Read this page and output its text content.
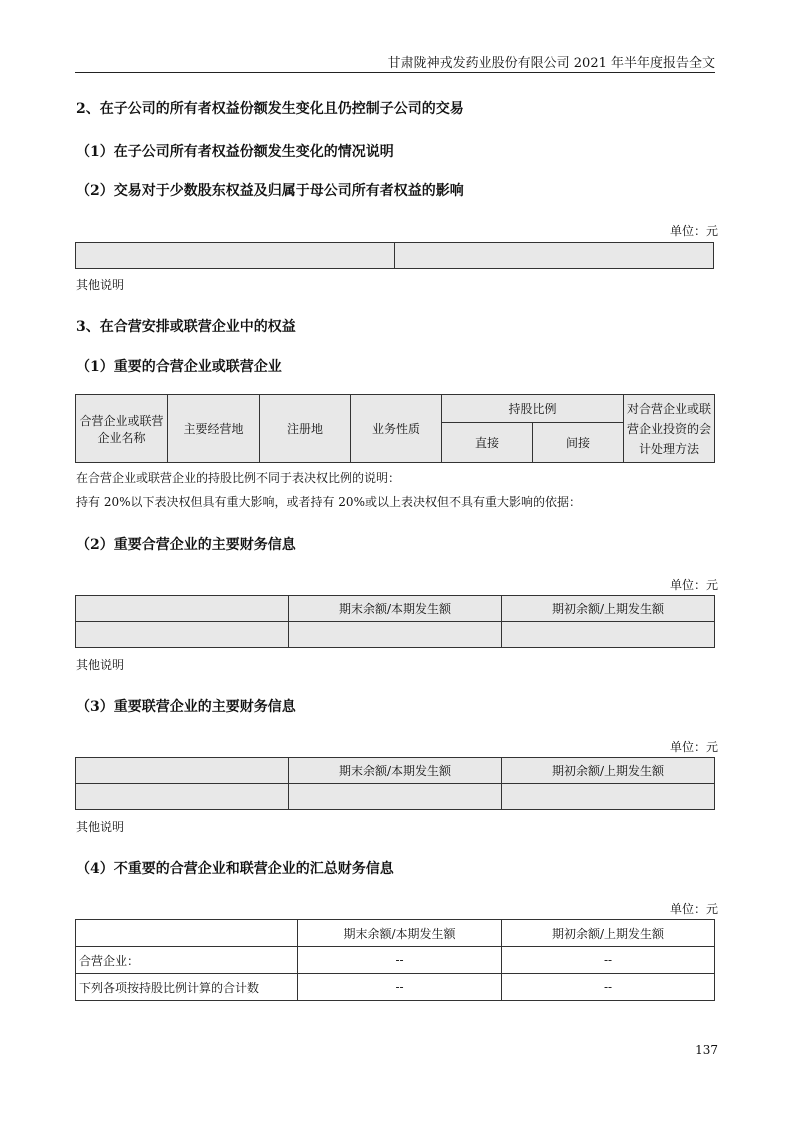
甘肃陇神戎发药业股份有限公司 2021 年半年度报告全文
2、在子公司的所有者权益份额发生变化且仍控制子公司的交易
（1）在子公司所有者权益份额发生变化的情况说明
（2）交易对于少数股东权益及归属于母公司所有者权益的影响
单位：元

其他说明
3、在合营安排或联营企业中的权益
（1）重要的合营企业或联营企业
合营企业或联营企业名称	主要经营地	注册地	业务性质	持股比例		对合营企业或联营企业投资的会计处理方法
				直接	间接	
在合营企业或联营企业的持股比例不同于表决权比例的说明：
持有 20%以下表决权但具有重大影响，或者持有 20%或以上表决权但不具有重大影响的依据：
（2）重要合营企业的主要财务信息
单位：元
	期末余额/本期发生额	期初余额/上期发生额

其他说明
（3）重要联营企业的主要财务信息
单位：元
	期末余额/本期发生额	期初余额/上期发生额

其他说明
（4）不重要的合营企业和联营企业的汇总财务信息
单位：元
	期末余额/本期发生额	期初余额/上期发生额
合营企业：	--	--
下列各项按持股比例计算的合计数	--	--
137
